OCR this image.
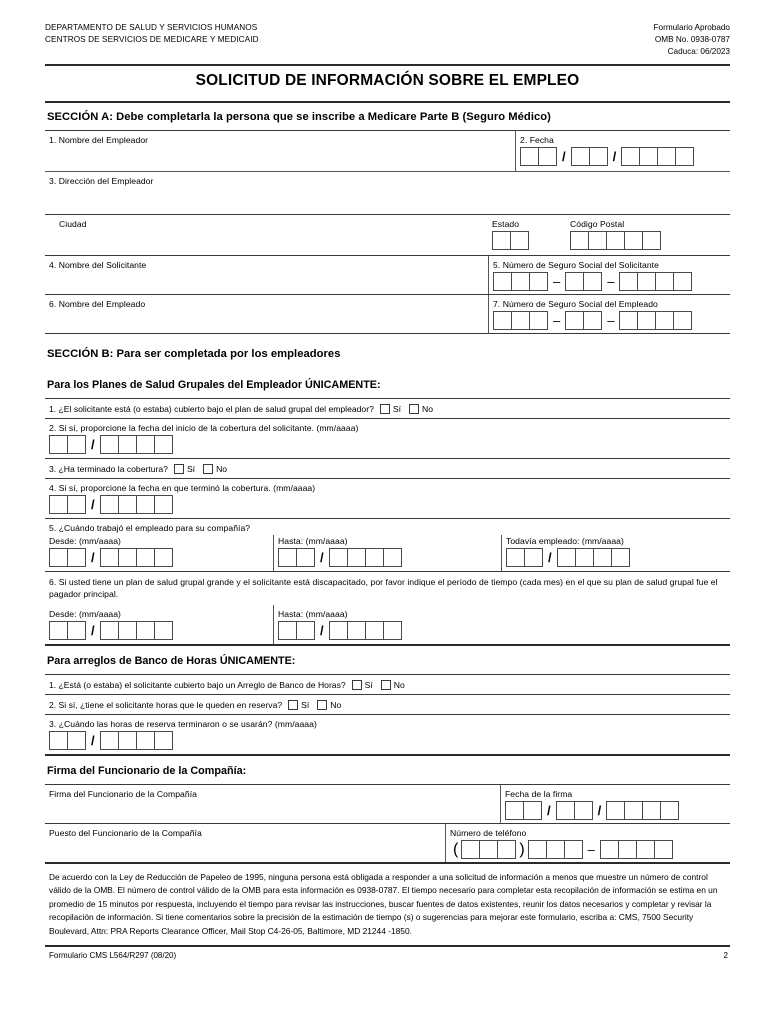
DEPARTAMENTO DE SALUD Y SERVICIOS HUMANOS
CENTROS DE SERVICIOS DE MEDICARE Y MEDICAID
Formulario Aprobado
OMB No. 0938-0787
Caduca: 06/2023
SOLICITUD DE INFORMACIÓN SOBRE EL EMPLEO
SECCIÓN A: Debe completarla la persona que se inscribe a Medicare Parte B (Seguro Médico)
1. Nombre del Empleador	2. Fecha
/	/
3. Dirección del Empleador
Ciudad	Estado	Código Postal
4. Nombre del Solicitante	5. Número de Seguro Social del Solicitante
–	–
6. Nombre del Empleado	7. Número de Seguro Social del Empleado
–	–
SECCIÓN B: Para ser completada por los empleadores
Para los Planes de Salud Grupales del Empleador ÚNICAMENTE:
1. ¿El solicitante está (o estaba) cubierto bajo el plan de salud grupal del empleador? Sí No
2. Si sí, proporcione la fecha del inicio de la cobertura del solicitante. (mm/aaaa)
/
3. ¿Ha terminado la cobertura? Sí No
4. Si sí, proporcione la fecha en que terminó la cobertura. (mm/aaaa)
/
5. ¿Cuándo trabajó el empleado para su compañía?
Desde: (mm/aaaa)
/
Hasta: (mm/aaaa)
/
Todavía empleado: (mm/aaaa)
/
6. Si usted tiene un plan de salud grupal grande y el solicitante está discapacitado, por favor indique el período de tiempo (cada mes) en el que su plan de salud grupal fue el pagador principal.
Desde: (mm/aaaa)
/
Hasta: (mm/aaaa)
/
Para arreglos de Banco de Horas ÚNICAMENTE:
1. ¿Está (o estaba) el solicitante cubierto bajo un Arreglo de Banco de Horas? Sí No
2. Si sí, ¿tiene el solicitante horas que le queden en reserva? Sí No
3. ¿Cuándo las horas de reserva terminaron o se usarán? (mm/aaaa)
/
Firma del Funcionario de la Compañía:
Firma del Funcionario de la Compañía	Fecha de la firma
/	/
Puesto del Funcionario de la Compañía	Número de teléfono
(	)	–
De acuerdo con la Ley de Reducción de Papeleo de 1995, ninguna persona está obligada a responder a una solicitud de información a menos que muestre un número de control válido de la OMB. El número de control válido de la OMB para esta información es 0938-0787. El tiempo necesario para completar esta recopilación de información se estima en un promedio de 15 minutos por respuesta, incluyendo el tiempo para revisar las instrucciones, buscar fuentes de datos existentes, reunir los datos necesarios y completar y revisar la recopilación de información. Si tiene comentarios sobre la precisión de la estimación de tiempo (s) o sugerencias para mejorar este formulario, escriba a: CMS, 7500 Security Boulevard, Attn: PRA Reports Clearance Officer, Mail Stop C4-26-05, Baltimore, MD 21244 -1850.
Formulario CMS L564/R297 (08/20)	2
